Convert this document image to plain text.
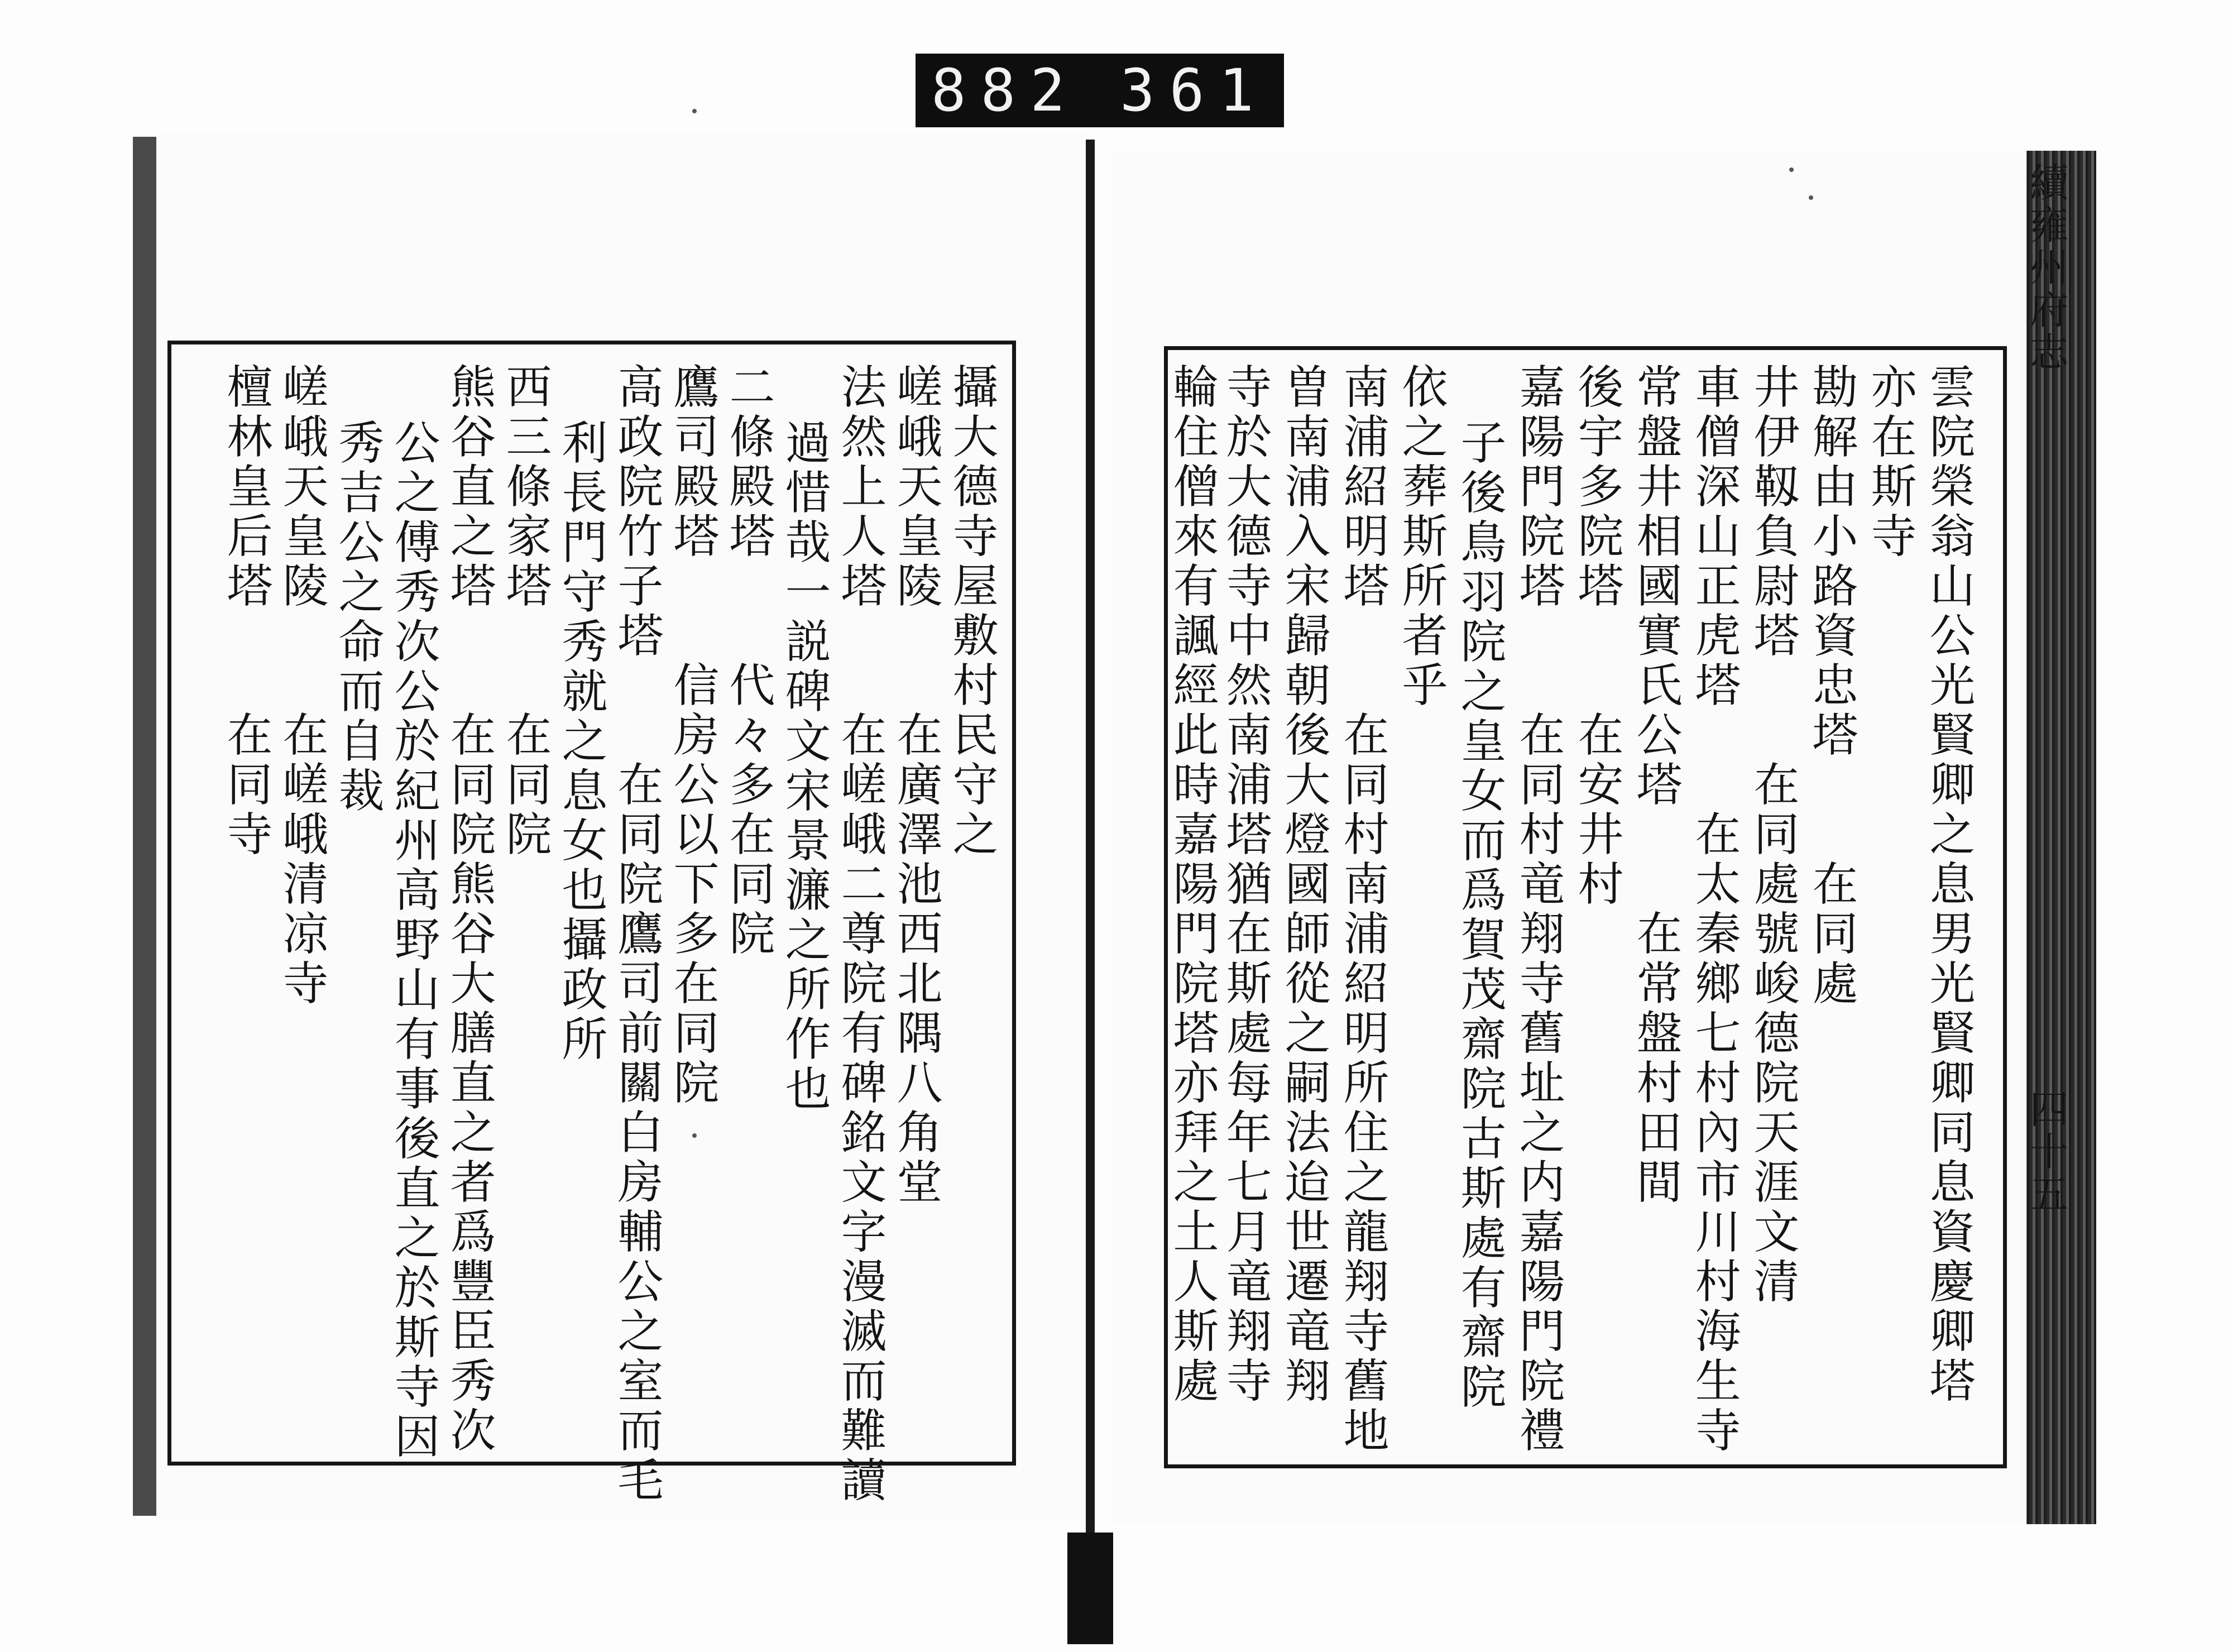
882 361
續雍州府志
四十五
雲院榮翁山公光賢卿之息男光賢卿同息資慶卿塔
亦在斯寺
勘解由小路資忠塔　　在同處
井伊靱負尉塔　　在同處號峻德院天涯文清
車僧深山正虎塔　　在太秦鄉七村內市川村海生寺
常盤井相國實氏公塔　　在常盤村田間
後宇多院塔　　在安井村
嘉陽門院塔　　在同村竜翔寺舊址之内嘉陽門院禮
子後鳥羽院之皇女而爲賀茂齋院古斯處有齋院
依之葬斯所者乎
南浦紹明塔　　在同村南浦紹明所住之龍翔寺舊地
曽南浦入宋歸朝後大燈國師從之嗣法迨世遷竜翔
寺於大德寺中然南浦塔猶在斯處每年七月竜翔寺
輪住僧來有諷經此時嘉陽門院塔亦拜之土人斯處
攝大德寺屋敷村民守之
嵯峨天皇陵　　在廣澤池西北隅八角堂
法然上人塔　　在嵯峨二尊院有碑銘文字漫滅而難讀
過惜哉一説碑文宋景濂之所作也
二條殿塔　　代々多在同院
鷹司殿塔　　信房公以下多在同院
高政院竹子塔　　在同院鷹司前關白房輔公之室而毛
利長門守秀就之息女也攝政所
西三條家塔　　在同院
熊谷直之塔　　在同院熊谷大膳直之者爲豐臣秀次
公之傅秀次公於紀州高野山有事後直之於斯寺因
秀吉公之命而自裁
嵯峨天皇陵　　在嵯峨清凉寺
檀林皇后塔　　在同寺
